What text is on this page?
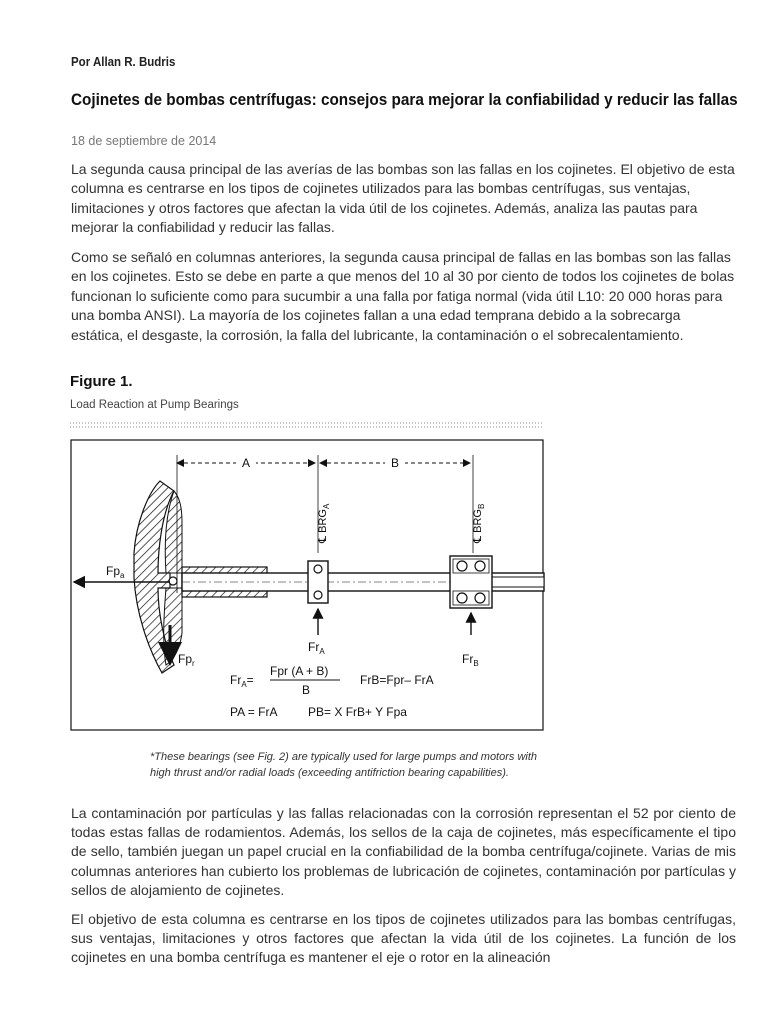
Por Allan R. Budris
Cojinetes de bombas centrífugas: consejos para mejorar la confiabilidad y reducir las fallas
18 de septiembre de 2014
La segunda causa principal de las averías de las bombas son las fallas en los cojinetes. El objetivo de esta columna es centrarse en los tipos de cojinetes utilizados para las bombas centrífugas, sus ventajas, limitaciones y otros factores que afectan la vida útil de los cojinetes. Además, analiza las pautas para mejorar la confiabilidad y reducir las fallas.
Como se señaló en columnas anteriores, la segunda causa principal de fallas en las bombas son las fallas en los cojinetes. Esto se debe en parte a que menos del 10 al 30 por ciento de todos los cojinetes de bolas funcionan lo suficiente como para sucumbir a una falla por fatiga normal (vida útil L10: 20 000 horas para una bomba ANSI). La mayoría de los cojinetes fallan a una edad temprana debido a la sobrecarga estática, el desgaste, la corrosión, la falla del lubricante, la contaminación o el sobrecalentamiento.
Figure 1.
Load Reaction at Pump Bearings
A	B
℄ $BRG_A$
℄ $BRG_B$
$Fp_a$
$Fp_r$
$Fr_A$
$Fr_B$
$Fr_A=$
Fpr (A + B)
B
FrB=Fpr– FrA
PA = FrA	PB= X FrB+ Y Fpa
*These bearings (see Fig. 2) are typically used for large pumps and motors with high thrust and/or radial loads (exceeding antifriction bearing capabilities).
La contaminación por partículas y las fallas relacionadas con la corrosión representan el 52 por ciento de todas estas fallas de rodamientos. Además, los sellos de la caja de cojinetes, más específicamente el tipo de sello, también juegan un papel crucial en la confiabilidad de la bomba centrífuga/cojinete. Varias de mis columnas anteriores han cubierto los problemas de lubricación de cojinetes, contaminación por partículas y sellos de alojamiento de cojinetes.
El objetivo de esta columna es centrarse en los tipos de cojinetes utilizados para las bombas centrífugas, sus ventajas, limitaciones y otros factores que afectan la vida útil de los cojinetes. La función de los cojinetes en una bomba centrífuga es mantener el eje o rotor en la alineación
